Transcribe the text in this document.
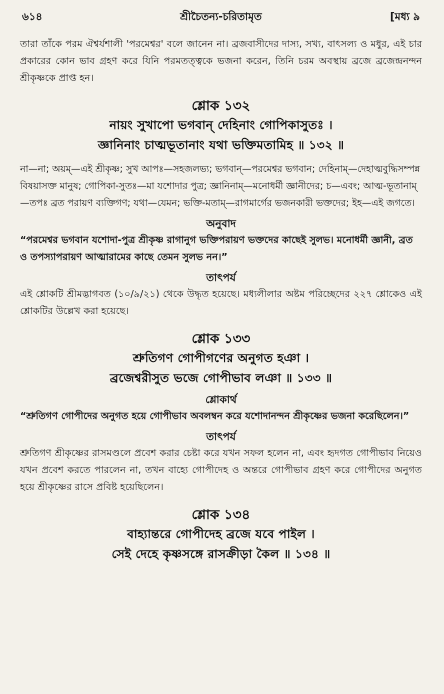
৬১৪	শ্রীচৈতন্য-চরিতামৃত	[মধ্য ৯

তারা তাঁকে পরম ঐশ্বর্যশালী 'পরমেশ্বর' বলে জানেন না। ব্রজবাসীদের দাস্য, সখ্য, বাৎসল্য ও মধুর, এই চার প্রকারের কোন ভাব গ্রহণ করে যিনি পরমতত্ত্বকে ভজনা করেন, তিনি চরম অবস্থায় ব্রজে ব্রজেন্দ্রনন্দন শ্রীকৃষ্ণকে প্রাপ্ত হন।

শ্লোক ১৩২

নায়ং সুখাপো ভগবান্ দেহিনাং গোপিকাসুতঃ ।

জ্ঞানিনাং চাত্মভূতানাং যথা ভক্তিমতামিহ ॥ ১৩২ ॥

না—না; অয়ম্—এই শ্রীকৃষ্ণ; সুখ আপঃ—সহজলভ্য; ভগবান্—পরমেশ্বর ভগবান; দেহিনাম্—দেহাত্মবুদ্ধিসম্পন্ন বিষয়াসক্ত মানুষ; গোপিকা-সুতঃ—মা যশোদার পুত্র; জ্ঞানিনাম্—মনোধর্মী জ্ঞানীদের; চ—এবং; আত্ম-ভূতানাম্—তপঃ ব্রত পরায়ণ ব্যক্তিগণ; যথা—যেমন; ভক্তি-মতাম্—রাগমার্গের ভজনকারী ভক্তদের; ইহ—এই জগতে।

অনুবাদ

“পরমেশ্বর ভগবান যশোদা-পুত্র শ্রীকৃষ্ণ রাগানুগ ভক্তিপরায়ণ ভক্তদের কাছেই সুলভ। মনোধর্মী জ্ঞানী, ব্রত ও তপস্যাপরায়ণ আত্মারামের কাছে তেমন সুলভ নন।”

তাৎপর্য

এই শ্লোকটি শ্রীমদ্ভাগবত (১০/৯/২১) থেকে উদ্ধৃত হয়েছে। মধ্যলীলার অষ্টম পরিচ্ছেদের ২২৭ শ্লোকেও এই শ্লোকটির উল্লেখ করা হয়েছে।

শ্লোক ১৩৩

শ্রুতিগণ গোপীগণের অনুগত হঞা ।

ব্রজেশ্বরীসুত ভজে গোপীভাব লঞা ॥ ১৩৩ ॥

শ্লোকার্থ

“শ্রুতিগণ গোপীদের অনুগত হয়ে গোপীভাব অবলম্বন করে যশোদানন্দন শ্রীকৃষ্ণের ভজনা করেছিলেন।”

তাৎপর্য

শ্রুতিগণ শ্রীকৃষ্ণের রাসমণ্ডলে প্রবেশ করার চেষ্টা করে যখন সফল হলেন না, এবং হৃদগত গোপীভাব নিয়েও যখন প্রবেশ করতে পারলেন না, তখন বাহ্যে গোপীদেহ ও অন্তরে গোপীভাব গ্রহণ করে গোপীদের অনুগত হয়ে শ্রীকৃষ্ণের রাসে প্রবিষ্ট হয়েছিলেন।

শ্লোক ১৩৪

বাহ্যান্তরে গোপীদেহ ব্রজে যবে পাইল ।

সেই দেহে কৃষ্ণসঙ্গে রাসক্রীড়া কৈল ॥ ১৩৪ ॥
